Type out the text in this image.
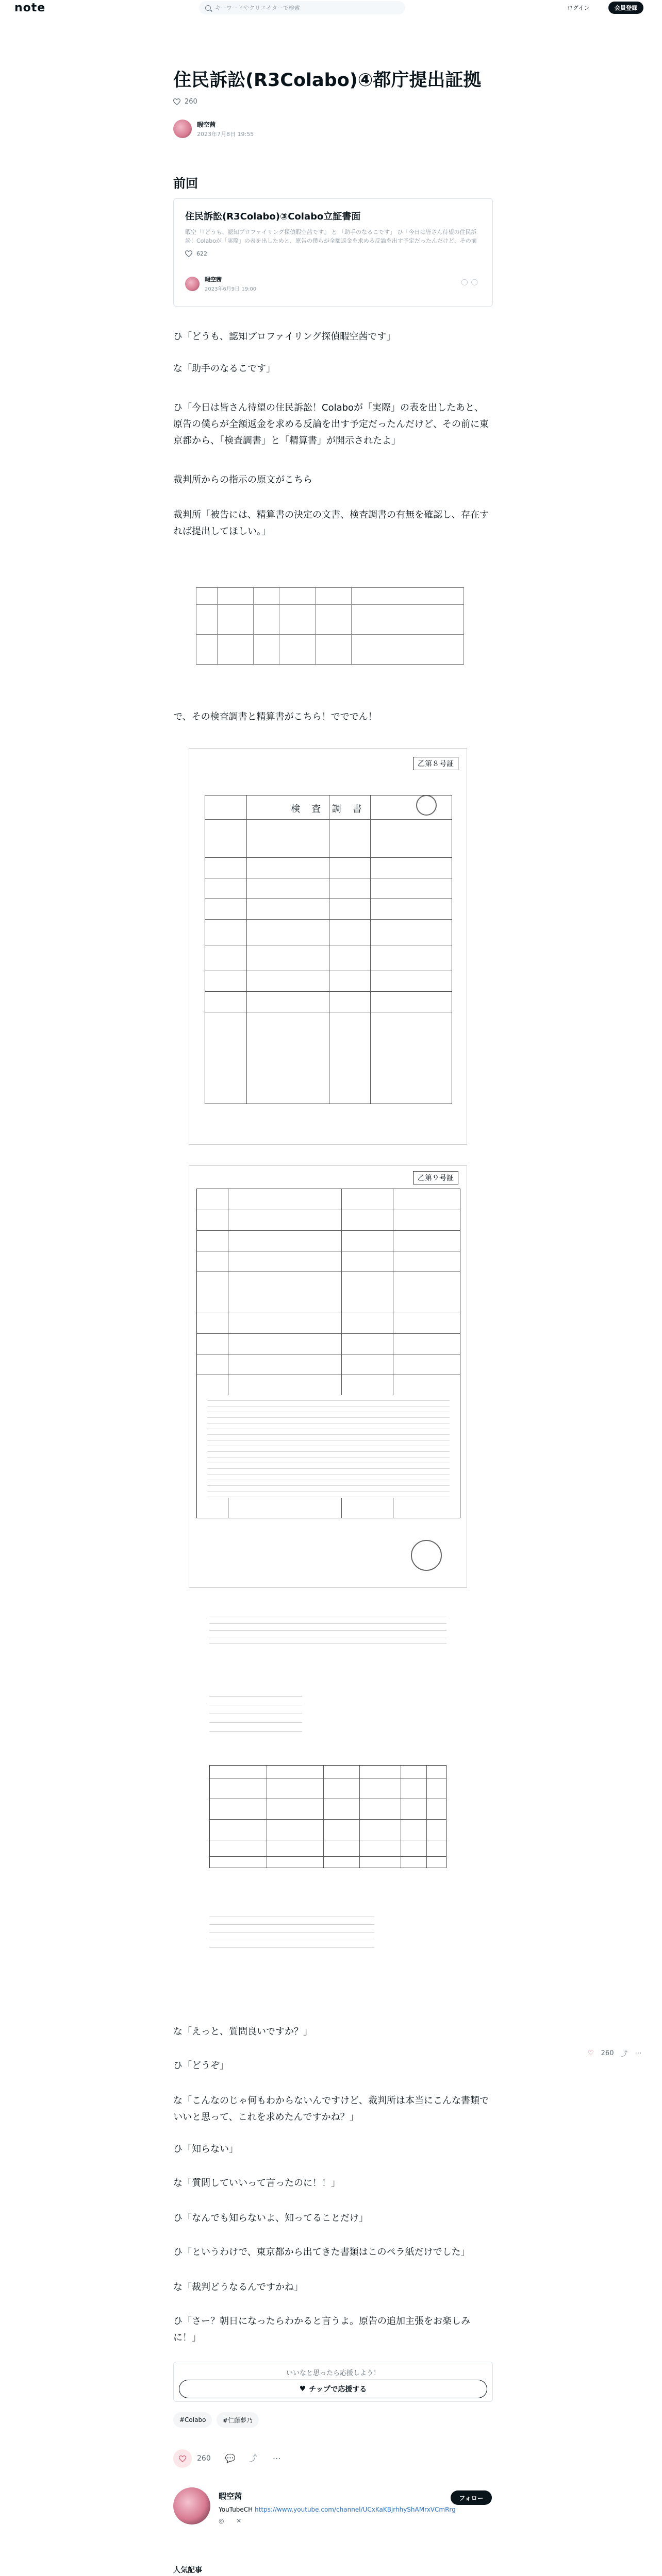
note	キーワードやクリエイターで検索	ログイン	会員登録
住民訴訟(R3Colabo)④都庁提出証拠
260
暇空茜
2023年7月8日 19:55
前回
住民訴訟(R3Colabo)③Colabo立証書面
暇空「『どうも、認知プロファイリング探偵暇空茜です』 と 「助手のなるこです」 ひ「今日は皆さん待望の住民訴訟！Colaboが「実際」の表を出しためと、原告の僕らが全額返金を求める反論を出す予定だったんだけど、その前
622
暇空茜
2023年6月9日 19:00
◯◯
ひ「どうも、認知プロファイリング探偵暇空茜です」
な「助手のなるこです」
ひ「今日は皆さん待望の住民訴訟！Colaboが「実際」の表を出したあと、原告の僕らが全額返金を求める反論を出す予定だったんだけど、その前に東京都から、「検査調書」と「精算書」が開示されたよ」
裁判所からの指示の原文がこちら
裁判所「被告には、精算書の決定の文書、検査調書の有無を確認し、存在すれば提出してほしい。」
で、その検査調書と精算書がこちら！でででん！
乙第８号証
検 査 調 書
乙第９号証
♡ 260 ⤴ ⋯
な「えっと、質問良いですか？」
ひ「どうぞ」
な「こんなのじゃ何もわからないんですけど、裁判所は本当にこんな書類でいいと思って、これを求めたんですかね？」
ひ「知らない」
な「質問していいって言ったのに！！」
ひ「なんでも知らないよ、知ってることだけ」
ひ「というわけで、東京都から出てきた書類はこのペラ紙だけでした」
な「裁判どうなるんですかね」
ひ「さー？朝日になったらわかると言うよ。原告の追加主張をお楽しみに！」
いいなと思ったら応援しよう！
♥ チップで応援する
#Colabo	#仁藤夢乃
260 💬 ⤴ ⋯
暇空茜
YouTubeCH https://www.youtube.com/channel/UCxKaKBjrhhyShAMrxVCmRrg
◎ ✕
フォロー
人気記事
